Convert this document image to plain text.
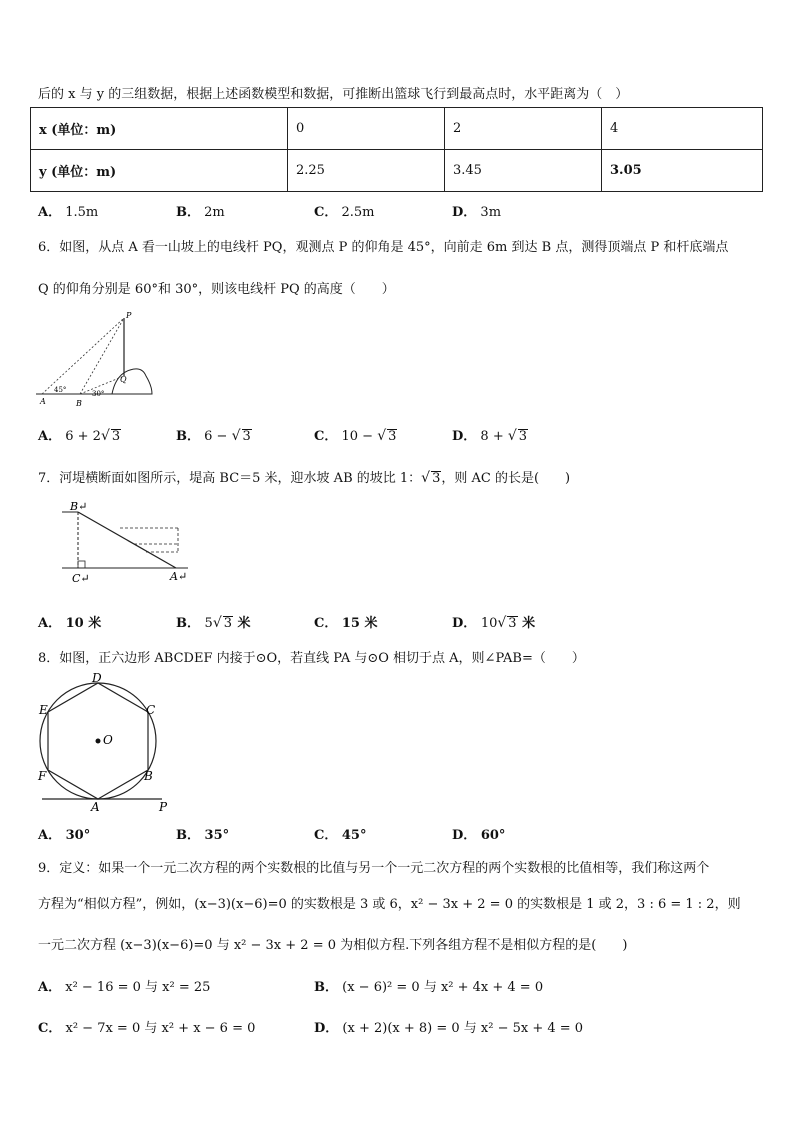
后的 x 与 y 的三组数据，根据上述函数模型和数据，可推断出篮球飞行到最高点时，水平距离为（　）
x (单位：m)	0	2	4
y (单位：m)	2.25	3.45	3.05
A． 1.5m	B． 2m	C． 2.5m	D． 3m
6．如图，从点 A 看一山坡上的电线杆 PQ，观测点 P 的仰角是 45°，向前走 6m 到达 B 点，测得顶端点 P 和杆底端点
Q 的仰角分别是 60°和 30°，则该电线杆 PQ 的高度（　　）
P
Q
A	B
45°	30°
A． 6 + 2√ 3	B． 6 − √ 3	C． 10 − √ 3	D． 8 + √ 3
7．河堤横断面如图所示，堤高 BC＝5 米，迎水坡 AB 的坡比 1：√ 3，则 AC 的长是(　　)
B↵
C↵	A↵
A． 10 米	B． 5√ 3 米	C． 15 米	D． 10√ 3 米
8．如图，正六边形 ABCDEF 内接于⊙O，若直线 PA 与⊙O 相切于点 A，则∠PAB=（　　）
D
C
E
O
F	B
A	P
A． 30°	B． 35°	C． 45°	D． 60°
9．定义：如果一个一元二次方程的两个实数根的比值与另一个一元二次方程的两个实数根的比值相等，我们称这两个
方程为“相似方程”，例如，(x−3)(x−6)=0 的实数根是 3 或 6，x² − 3x + 2 = 0 的实数根是 1 或 2，3 : 6 = 1 : 2，则
一元二次方程 (x−3)(x−6)=0 与 x² − 3x + 2 = 0 为相似方程.下列各组方程不是相似方程的是(　　)
A． x² − 16 = 0 与 x² = 25	B． (x − 6)² = 0 与 x² + 4x + 4 = 0
C． x² − 7x = 0 与 x² + x − 6 = 0	D． (x + 2)(x + 8) = 0 与 x² − 5x + 4 = 0
